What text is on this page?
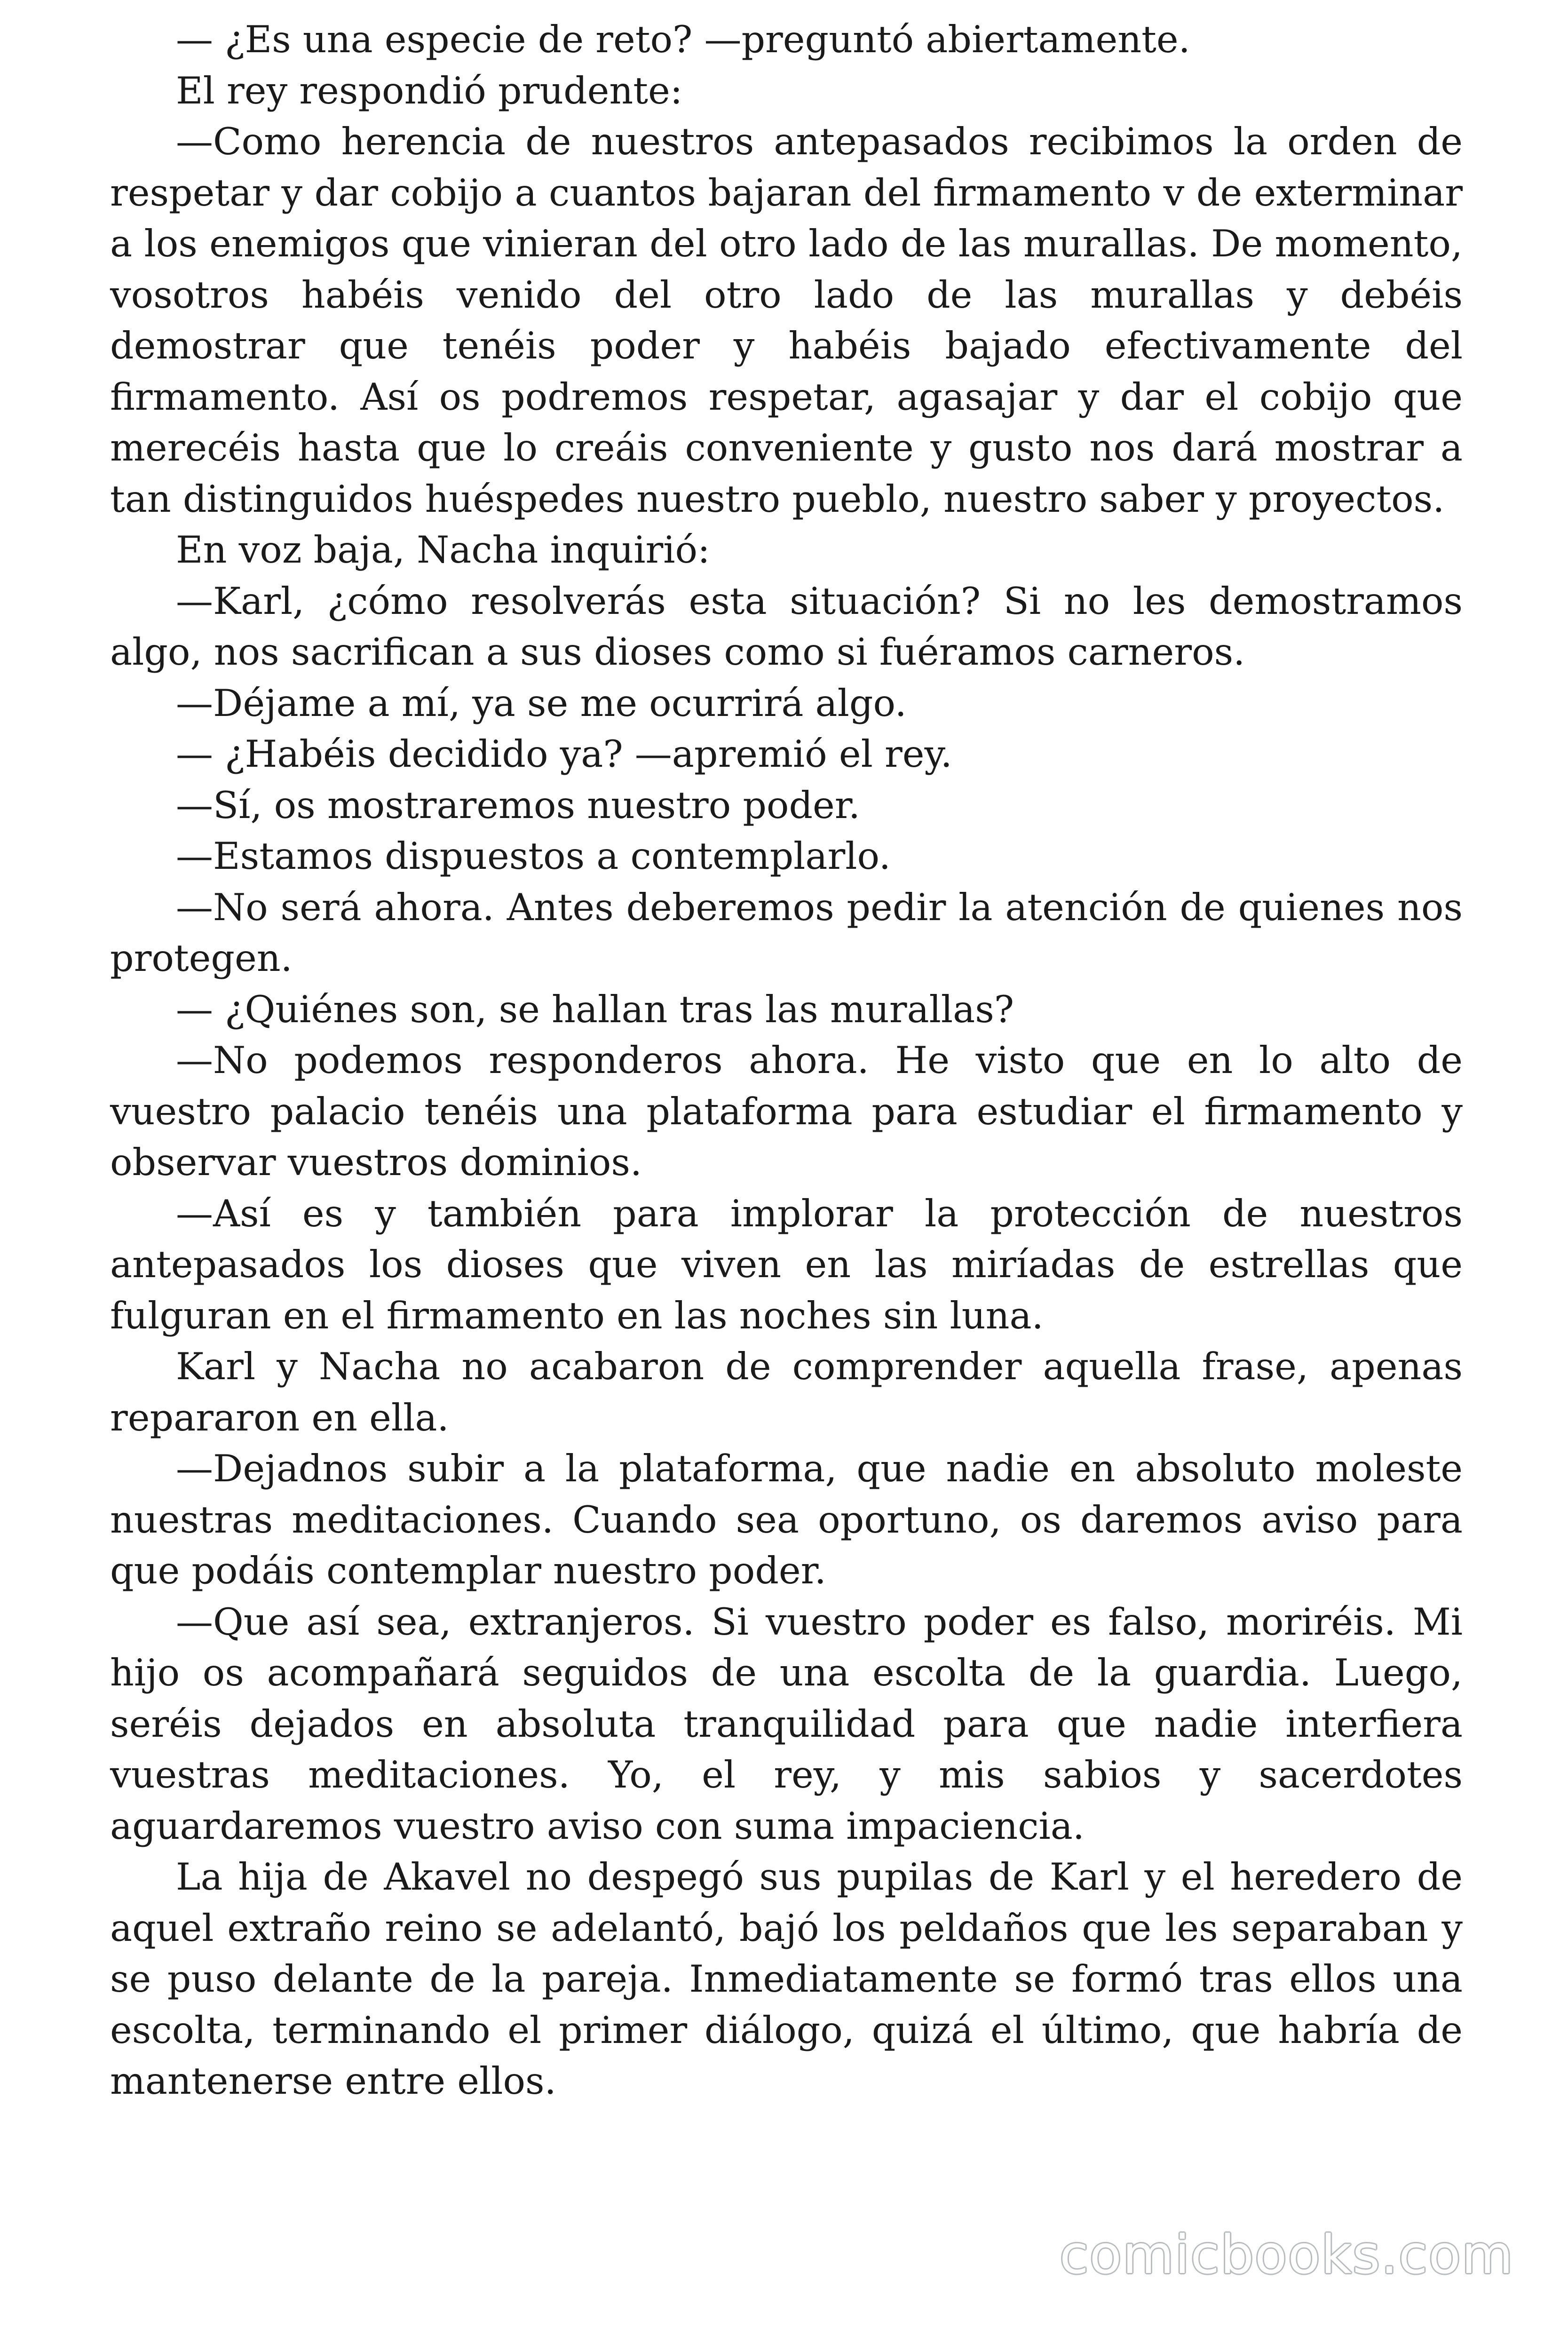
— ¿Es una especie de reto? —preguntó abiertamente.

El rey respondió prudente:

—Como herencia de nuestros antepasados recibimos la orden de respetar y dar cobijo a cuantos bajaran del firmamento v de exterminar a los enemigos que vinieran del otro lado de las murallas. De momento, vosotros habéis venido del otro lado de las murallas y debéis demostrar que tenéis poder y habéis bajado efectivamente del firmamento. Así os podremos respetar, agasajar y dar el cobijo que merecéis hasta que lo creáis conveniente y gusto nos dará mostrar a tan distinguidos huéspedes nuestro pueblo, nuestro saber y proyectos.

En voz baja, Nacha inquirió:

—Karl, ¿cómo resolverás esta situación? Si no les demostramos algo, nos sacrifican a sus dioses como si fuéramos carneros.

—Déjame a mí, ya se me ocurrirá algo.

— ¿Habéis decidido ya? —apremió el rey.

—Sí, os mostraremos nuestro poder.

—Estamos dispuestos a contemplarlo.

—No será ahora. Antes deberemos pedir la atención de quienes nos protegen.

— ¿Quiénes son, se hallan tras las murallas?

—No podemos responderos ahora. He visto que en lo alto de vuestro palacio tenéis una plataforma para estudiar el firmamento y observar vuestros dominios.

—Así es y también para implorar la protección de nuestros antepasados los dioses que viven en las miríadas de estrellas que fulguran en el firmamento en las noches sin luna.

Karl y Nacha no acabaron de comprender aquella frase, apenas repararon en ella.

—Dejadnos subir a la plataforma, que nadie en absoluto moleste nuestras meditaciones. Cuando sea oportuno, os daremos aviso para que podáis contemplar nuestro poder.

—Que así sea, extranjeros. Si vuestro poder es falso, moriréis. Mi hijo os acompañará seguidos de una escolta de la guardia. Luego, seréis dejados en absoluta tranquilidad para que nadie interfiera vuestras meditaciones. Yo, el rey, y mis sabios y sacerdotes aguardaremos vuestro aviso con suma impaciencia.

La hija de Akavel no despegó sus pupilas de Karl y el heredero de aquel extraño reino se adelantó, bajó los peldaños que les separaban y se puso delante de la pareja. Inmediatamente se formó tras ellos una escolta, terminando el primer diálogo, quizá el último, que habría de mantenerse entre ellos.

comicbooks.com
